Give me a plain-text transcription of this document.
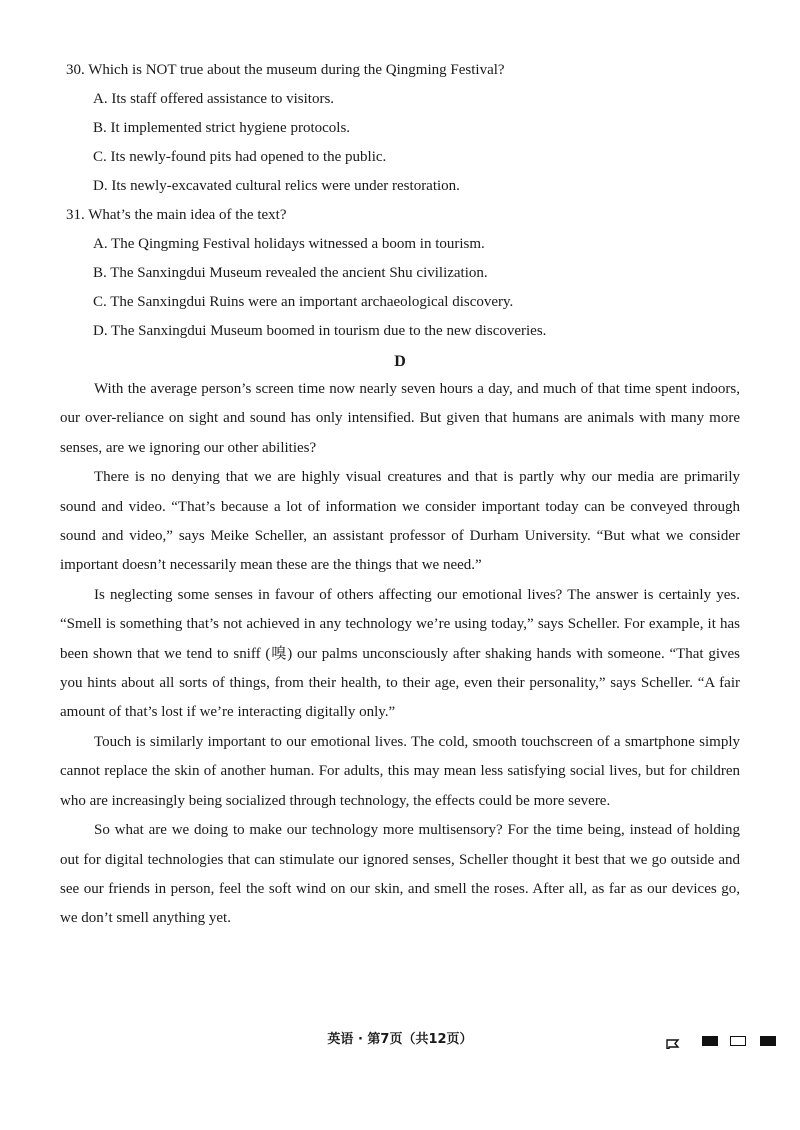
30. Which is NOT true about the museum during the Qingming Festival?
A. Its staff offered assistance to visitors.
B. It implemented strict hygiene protocols.
C. Its newly-found pits had opened to the public.
D. Its newly-excavated cultural relics were under restoration.
31. What’s the main idea of the text?
A. The Qingming Festival holidays witnessed a boom in tourism.
B. The Sanxingdui Museum revealed the ancient Shu civilization.
C. The Sanxingdui Ruins were an important archaeological discovery.
D. The Sanxingdui Museum boomed in tourism due to the new discoveries.
D

With the average person’s screen time now nearly seven hours a day, and much of that time spent indoors, our over-reliance on sight and sound has only intensified. But given that humans are animals with many more senses, are we ignoring our other abilities?

There is no denying that we are highly visual creatures and that is partly why our media are primarily sound and video. “That’s because a lot of information we consider important today can be conveyed through sound and video,” says Meike Scheller, an assistant professor of Durham University. “But what we consider important doesn’t necessarily mean these are the things that we need.”

Is neglecting some senses in favour of others affecting our emotional lives? The answer is certainly yes. “Smell is something that’s not achieved in any technology we’re using today,” says Scheller. For example, it has been shown that we tend to sniff (嗅) our palms unconsciously after shaking hands with someone. “That gives you hints about all sorts of things, from their health, to their age, even their personality,” says Scheller. “A fair amount of that’s lost if we’re interacting digitally only.”

Touch is similarly important to our emotional lives. The cold, smooth touchscreen of a smartphone simply cannot replace the skin of another human. For adults, this may mean less satisfying social lives, but for children who are increasingly being socialized through technology, the effects could be more severe.

So what are we doing to make our technology more multisensory? For the time being, instead of holding out for digital technologies that can stimulate our ignored senses, Scheller thought it best that we go outside and see our friends in person, feel the soft wind on our skin, and smell the roses. After all, as far as our devices go, we don’t smell anything yet.

英语 · 第7页（共12页）
